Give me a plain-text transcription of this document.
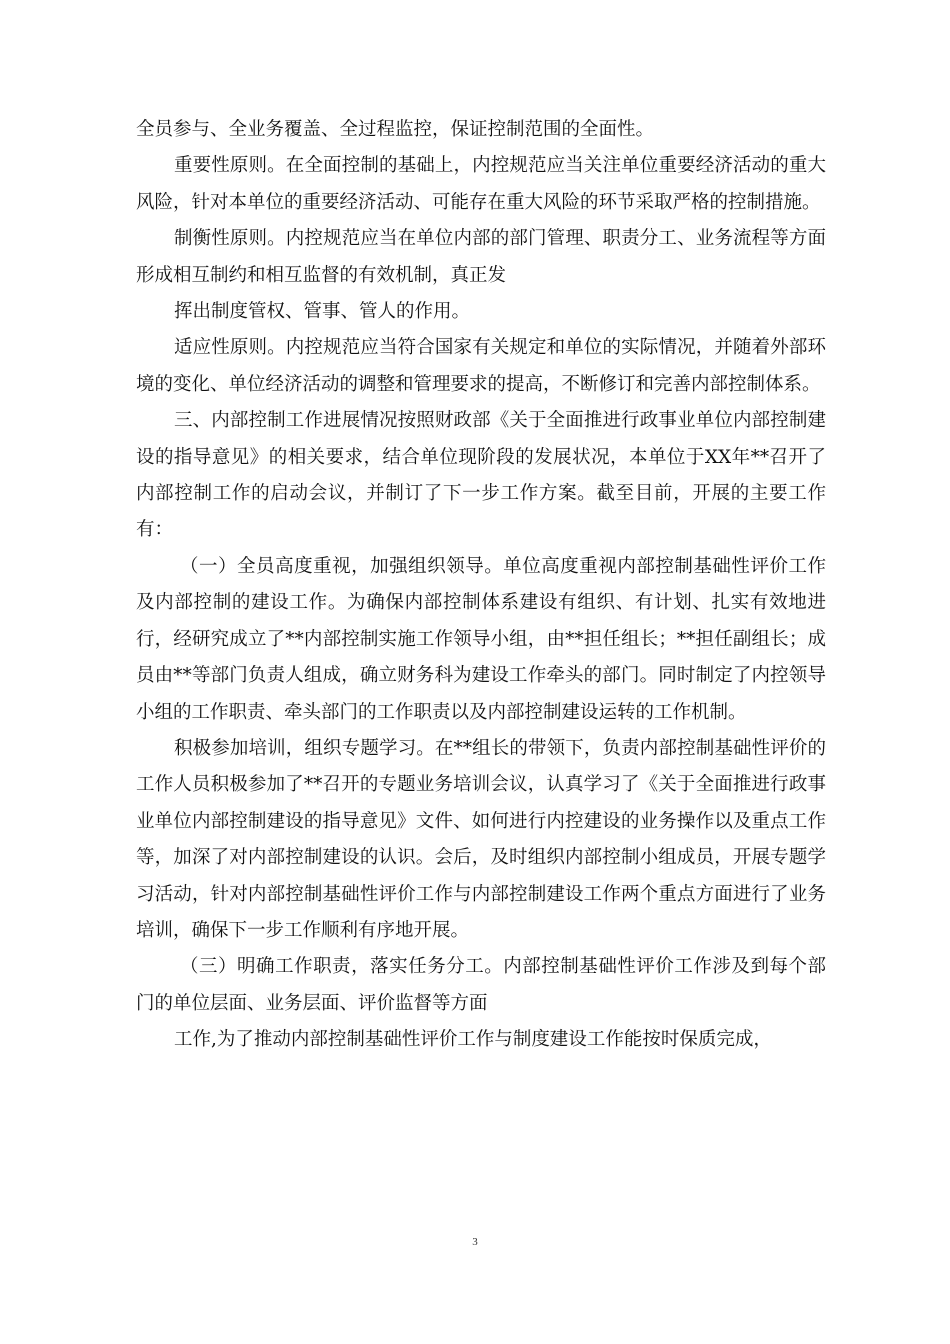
全员参与、全业务覆盖、全过程监控，保证控制范围的全面性。

重要性原则。在全面控制的基础上，内控规范应当关注单位重要经济活动的重大风险，针对本单位的重要经济活动、可能存在重大风险的环节采取严格的控制措施。

制衡性原则。内控规范应当在单位内部的部门管理、职责分工、业务流程等方面形成相互制约和相互监督的有效机制，真正发

挥出制度管权、管事、管人的作用。

适应性原则。内控规范应当符合国家有关规定和单位的实际情况，并随着外部环境的变化、单位经济活动的调整和管理要求的提高，不断修订和完善内部控制体系。

三、内部控制工作进展情况按照财政部《关于全面推进行政事业单位内部控制建设的指导意见》的相关要求，结合单位现阶段的发展状况，本单位于XX年**召开了内部控制工作的启动会议，并制订了下一步工作方案。截至目前，开展的主要工作有：

（一）全员高度重视，加强组织领导。单位高度重视内部控制基础性评价工作及内部控制的建设工作。为确保内部控制体系建设有组织、有计划、扎实有效地进行，经研究成立了**内部控制实施工作领导小组，由**担任组长；**担任副组长；成员由**等部门负责人组成，确立财务科为建设工作牵头的部门。同时制定了内控领导小组的工作职责、牵头部门的工作职责以及内部控制建设运转的工作机制。

积极参加培训，组织专题学习。在**组长的带领下，负责内部控制基础性评价的工作人员积极参加了**召开的专题业务培训会议，认真学习了《关于全面推进行政事业单位内部控制建设的指导意见》文件、如何进行内控建设的业务操作以及重点工作等，加深了对内部控制建设的认识。会后，及时组织内部控制小组成员，开展专题学习活动，针对内部控制基础性评价工作与内部控制建设工作两个重点方面进行了业务培训，确保下一步工作顺利有序地开展。

（三）明确工作职责，落实任务分工。内部控制基础性评价工作涉及到每个部门的单位层面、业务层面、评价监督等方面

工作,为了推动内部控制基础性评价工作与制度建设工作能按时保质完成，

3
